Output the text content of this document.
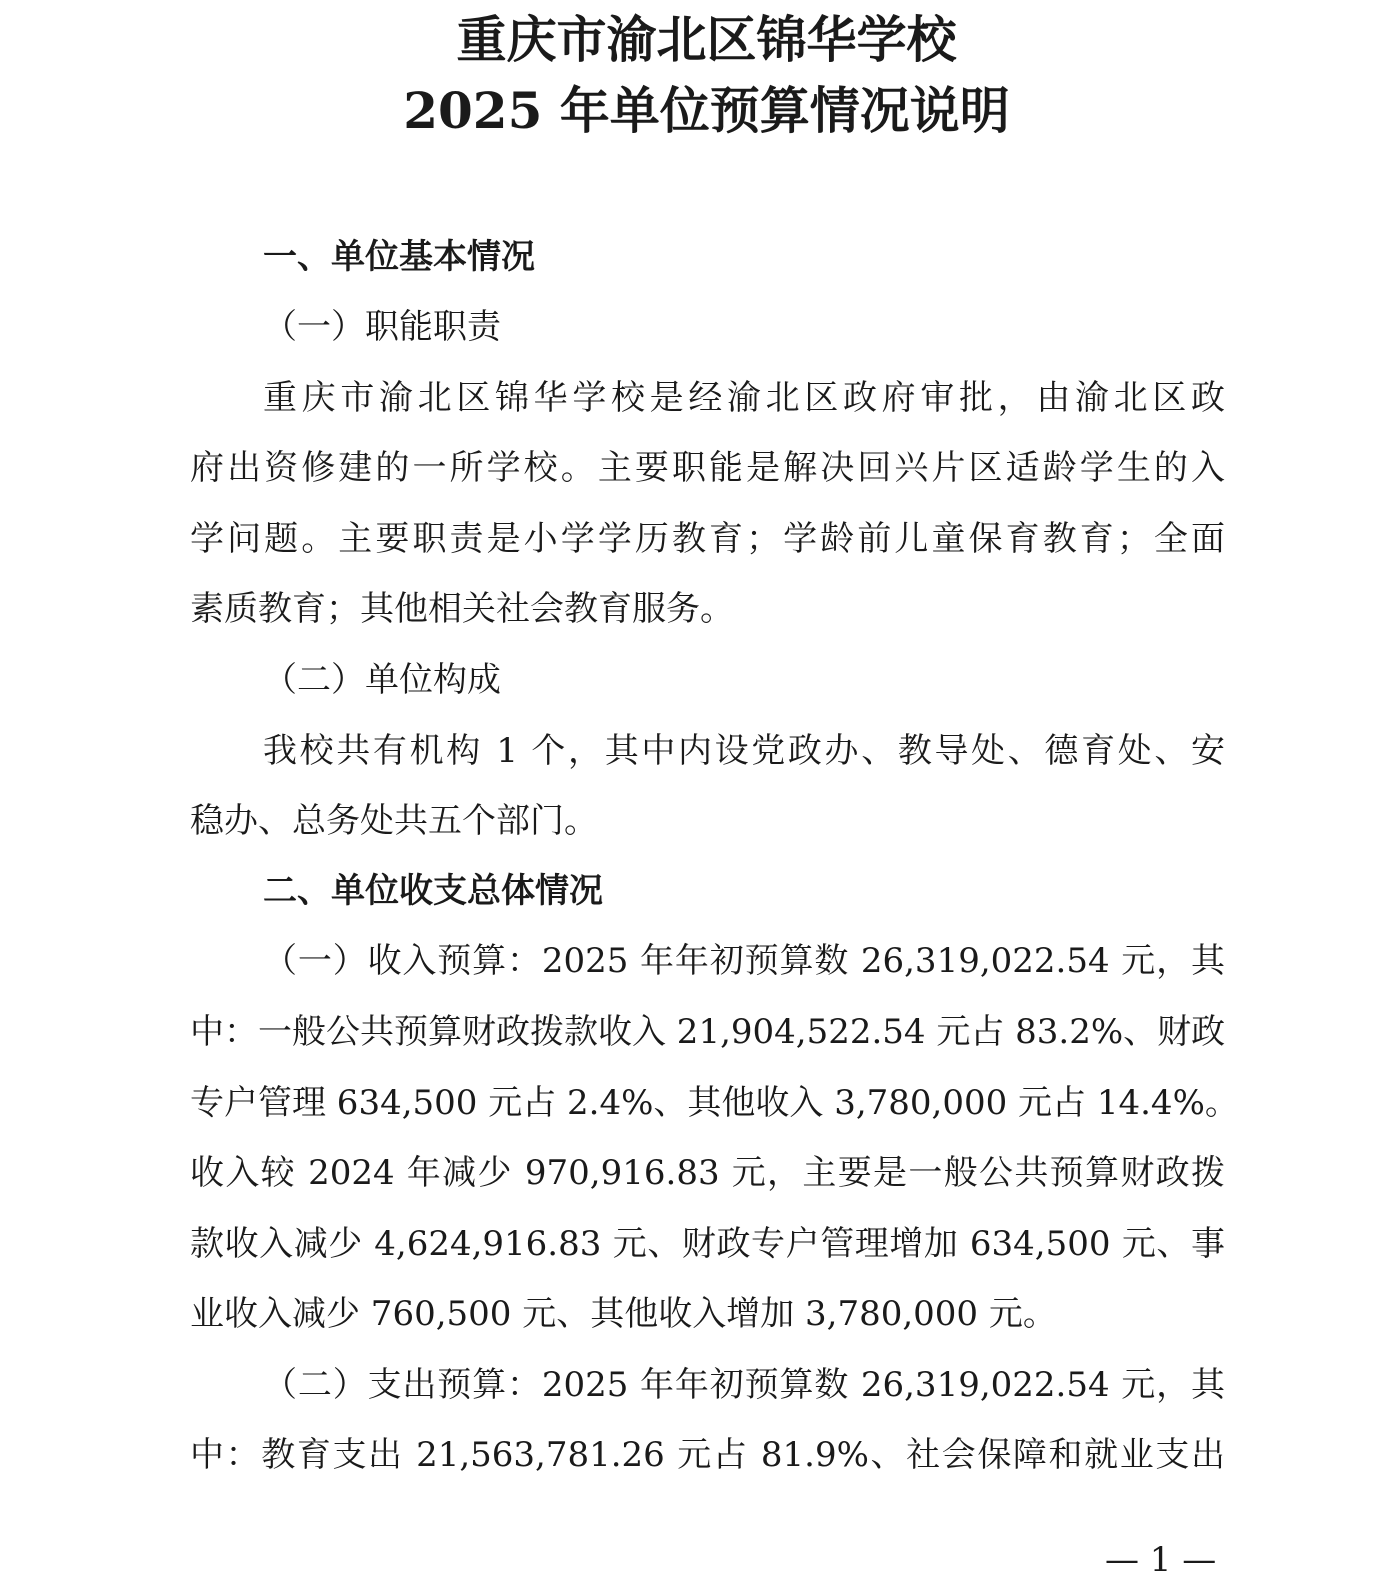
重庆市渝北区锦华学校
2025 年单位预算情况说明

一、单位基本情况

（一）职能职责

重庆市渝北区锦华学校是经渝北区政府审批，由渝北区政

府出资修建的一所学校。主要职能是解决回兴片区适龄学生的入

学问题。主要职责是小学学历教育；学龄前儿童保育教育；全面

素质教育；其他相关社会教育服务。

（二）单位构成

我校共有机构 1 个，其中内设党政办、教导处、德育处、安

稳办、总务处共五个部门。

二、单位收支总体情况

（一）收入预算：2025 年年初预算数 26,319,022.54 元，其

中：一般公共预算财政拨款收入 21,904,522.54 元占 83.2%、财政

专户管理 634,500 元占 2.4%、其他收入 3,780,000 元占 14.4%。

收入较 2024 年减少 970,916.83 元，主要是一般公共预算财政拨

款收入减少 4,624,916.83 元、财政专户管理增加 634,500 元、事

业收入减少 760,500 元、其他收入增加 3,780,000 元。

（二）支出预算：2025 年年初预算数 26,319,022.54 元，其

中：教育支出 21,563,781.26 元占 81.9%、社会保障和就业支出

— 1 —
